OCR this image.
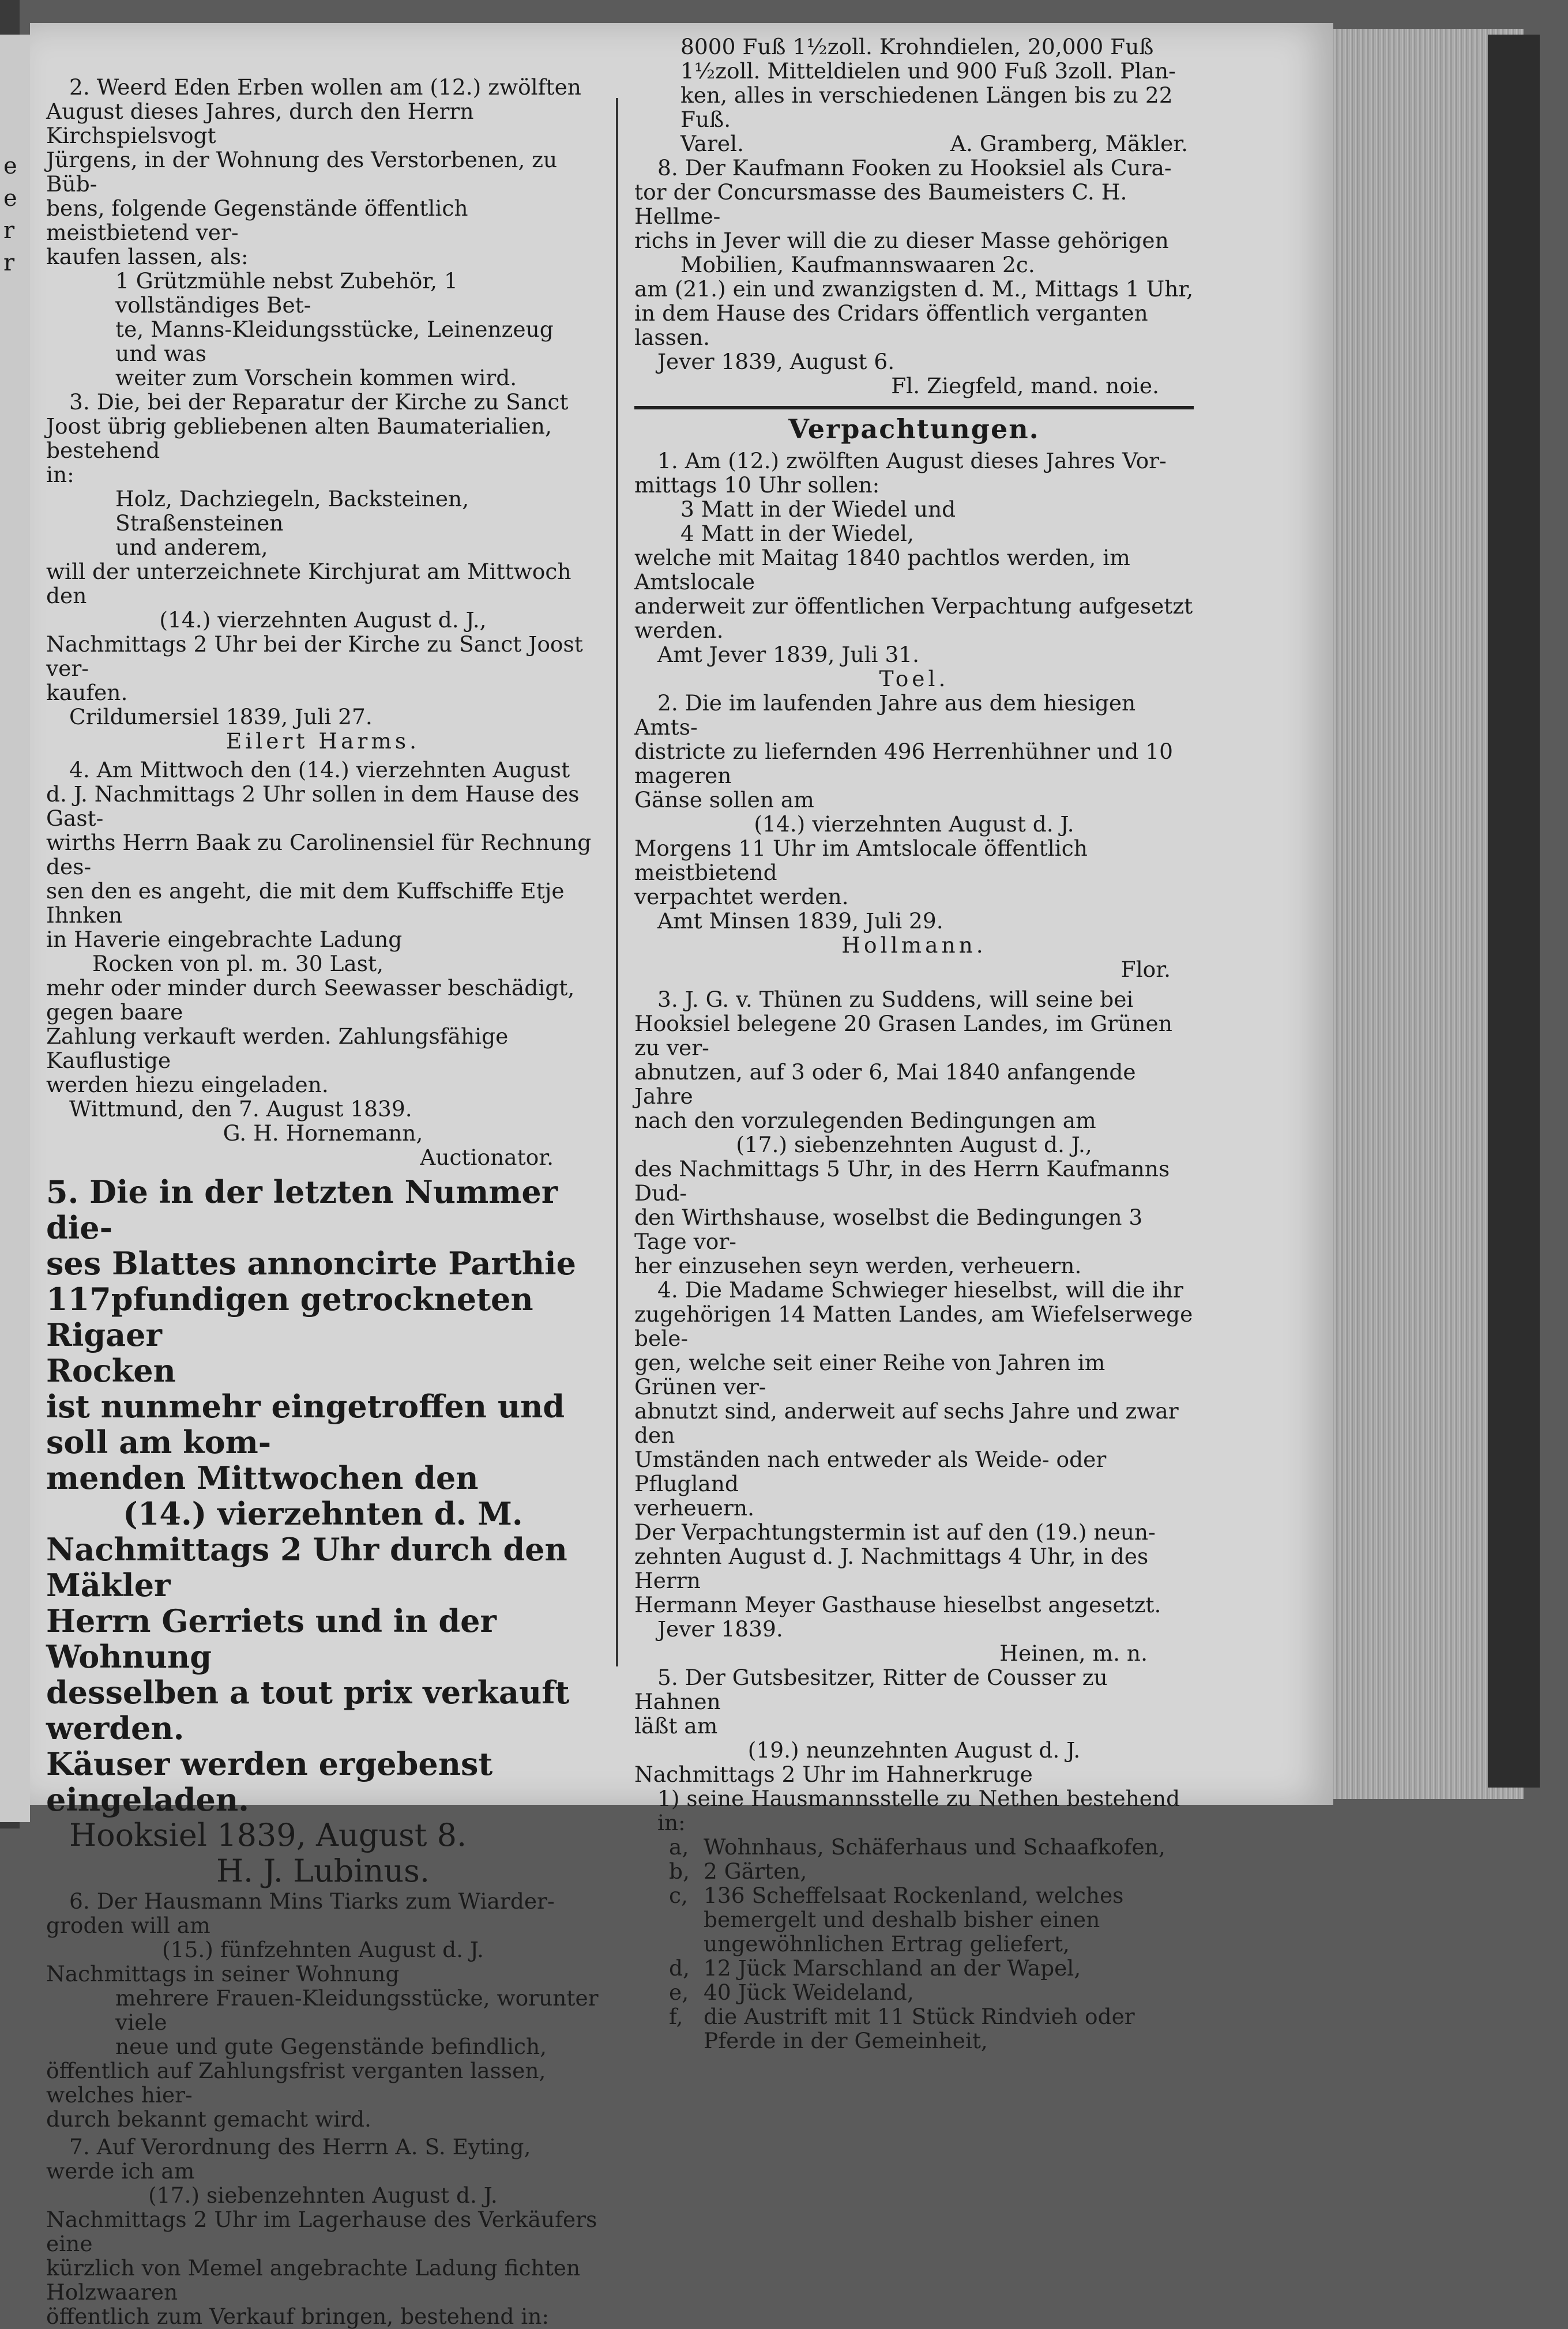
e
e
r
r

2. Weerd Eden Erben wollen am (12.) zwölften

August dieses Jahres, durch den Herrn Kirchspielsvogt

Jürgens, in der Wohnung des Verstorbenen, zu Büb-

bens, folgende Gegenstände öffentlich meistbietend ver-

kaufen lassen, als:

1 Grützmühle nebst Zubehör, 1 vollständiges Bet-

te, Manns-Kleidungsstücke, Leinenzeug und was

weiter zum Vorschein kommen wird.

3. Die, bei der Reparatur der Kirche zu Sanct

Joost übrig gebliebenen alten Baumaterialien, bestehend

in:

Holz, Dachziegeln, Backsteinen, Straßensteinen

und anderem,

will der unterzeichnete Kirchjurat am Mittwoch den

(14.) vierzehnten August d. J.,

Nachmittags 2 Uhr bei der Kirche zu Sanct Joost ver-

kaufen.

Crildumersiel 1839, Juli 27.

Eilert Harms.

4. Am Mittwoch den (14.) vierzehnten August

d. J. Nachmittags 2 Uhr sollen in dem Hause des Gast-

wirths Herrn Baak zu Carolinensiel für Rechnung des-

sen den es angeht, die mit dem Kuffschiffe Etje Ihnken

in Haverie eingebrachte Ladung

Rocken von pl. m. 30 Last,

mehr oder minder durch Seewasser beschädigt, gegen baare

Zahlung verkauft werden. Zahlungsfähige Kauflustige

werden hiezu eingeladen.

Wittmund, den 7. August 1839.

G. H. Hornemann,

Auctionator.

5. Die in der letzten Nummer die-

ses Blattes annoncirte Parthie

117pfundigen getrockneten Rigaer

Rocken

ist nunmehr eingetroffen und soll am kom-

menden Mittwochen den

(14.) vierzehnten d. M.

Nachmittags 2 Uhr durch den Mäkler

Herrn Gerriets und in der Wohnung

desselben a tout prix verkauft werden.

Käuser werden ergebenst eingeladen.

Hooksiel 1839, August 8.

H. J. Lubinus.

6. Der Hausmann Mins Tiarks zum Wiarder-

groden will am

(15.) fünfzehnten August d. J.

Nachmittags in seiner Wohnung

mehrere Frauen-Kleidungsstücke, worunter viele

neue und gute Gegenstände befindlich,

öffentlich auf Zahlungsfrist verganten lassen, welches hier-

durch bekannt gemacht wird.

7. Auf Verordnung des Herrn A. S. Eyting,

werde ich am

(17.) siebenzehnten August d. J.

Nachmittags 2 Uhr im Lagerhause des Verkäufers eine

kürzlich von Memel angebrachte Ladung fichten Holzwaaren

öffentlich zum Verkauf bringen, bestehend in:

8000 Fuß 1½zoll. Krohndielen, 20,000 Fuß

1½zoll. Mitteldielen und 900 Fuß 3zoll. Plan-

ken, alles in verschiedenen Längen bis zu 22 Fuß.

Varel.	A. Gramberg, Mäkler.

8. Der Kaufmann Fooken zu Hooksiel als Cura-

tor der Concursmasse des Baumeisters C. H. Hellme-

richs in Jever will die zu dieser Masse gehörigen

Mobilien, Kaufmannswaaren 2c.

am (21.) ein und zwanzigsten d. M., Mittags 1 Uhr,

in dem Hause des Cridars öffentlich verganten lassen.

Jever 1839, August 6.

Fl. Ziegfeld, mand. noie.

Verpachtungen.

1. Am (12.) zwölften August dieses Jahres Vor-

mittags 10 Uhr sollen:

3 Matt in der Wiedel und

4 Matt in der Wiedel,

welche mit Maitag 1840 pachtlos werden, im Amtslocale

anderweit zur öffentlichen Verpachtung aufgesetzt werden.

Amt Jever 1839, Juli 31.

Toel.

2. Die im laufenden Jahre aus dem hiesigen Amts-

districte zu liefernden 496 Herrenhühner und 10 mageren

Gänse sollen am

(14.) vierzehnten August d. J.

Morgens 11 Uhr im Amtslocale öffentlich meistbietend

verpachtet werden.

Amt Minsen 1839, Juli 29.

Hollmann.

Flor.

3. J. G. v. Thünen zu Suddens, will seine bei

Hooksiel belegene 20 Grasen Landes, im Grünen zu ver-

abnutzen, auf 3 oder 6, Mai 1840 anfangende Jahre

nach den vorzulegenden Bedingungen am

(17.) siebenzehnten August d. J.,

des Nachmittags 5 Uhr, in des Herrn Kaufmanns Dud-

den Wirthshause, woselbst die Bedingungen 3 Tage vor-

her einzusehen seyn werden, verheuern.

4. Die Madame Schwieger hieselbst, will die ihr

zugehörigen 14 Matten Landes, am Wiefelserwege bele-

gen, welche seit einer Reihe von Jahren im Grünen ver-

abnutzt sind, anderweit auf sechs Jahre und zwar den

Umständen nach entweder als Weide- oder Pflugland

verheuern.

Der Verpachtungstermin ist auf den (19.) neun-

zehnten August d. J. Nachmittags 4 Uhr, in des Herrn

Hermann Meyer Gasthause hieselbst angesetzt.

Jever 1839.

Heinen, m. n.

5. Der Gutsbesitzer, Ritter de Cousser zu Hahnen

läßt am

(19.) neunzehnten August d. J.

Nachmittags 2 Uhr im Hahnerkruge

1) seine Hausmannsstelle zu Nethen bestehend in:

a, Wohnhaus, Schäferhaus und Schaafkofen,
b, 2 Gärten,
c, 136 Scheffelsaat Rockenland, welches bemergelt und deshalb bisher einen ungewöhnlichen Ertrag geliefert,
d, 12 Jück Marschland an der Wapel,
e, 40 Jück Weideland,
f, die Austrift mit 11 Stück Rindvieh oder Pferde in der Gemeinheit,
